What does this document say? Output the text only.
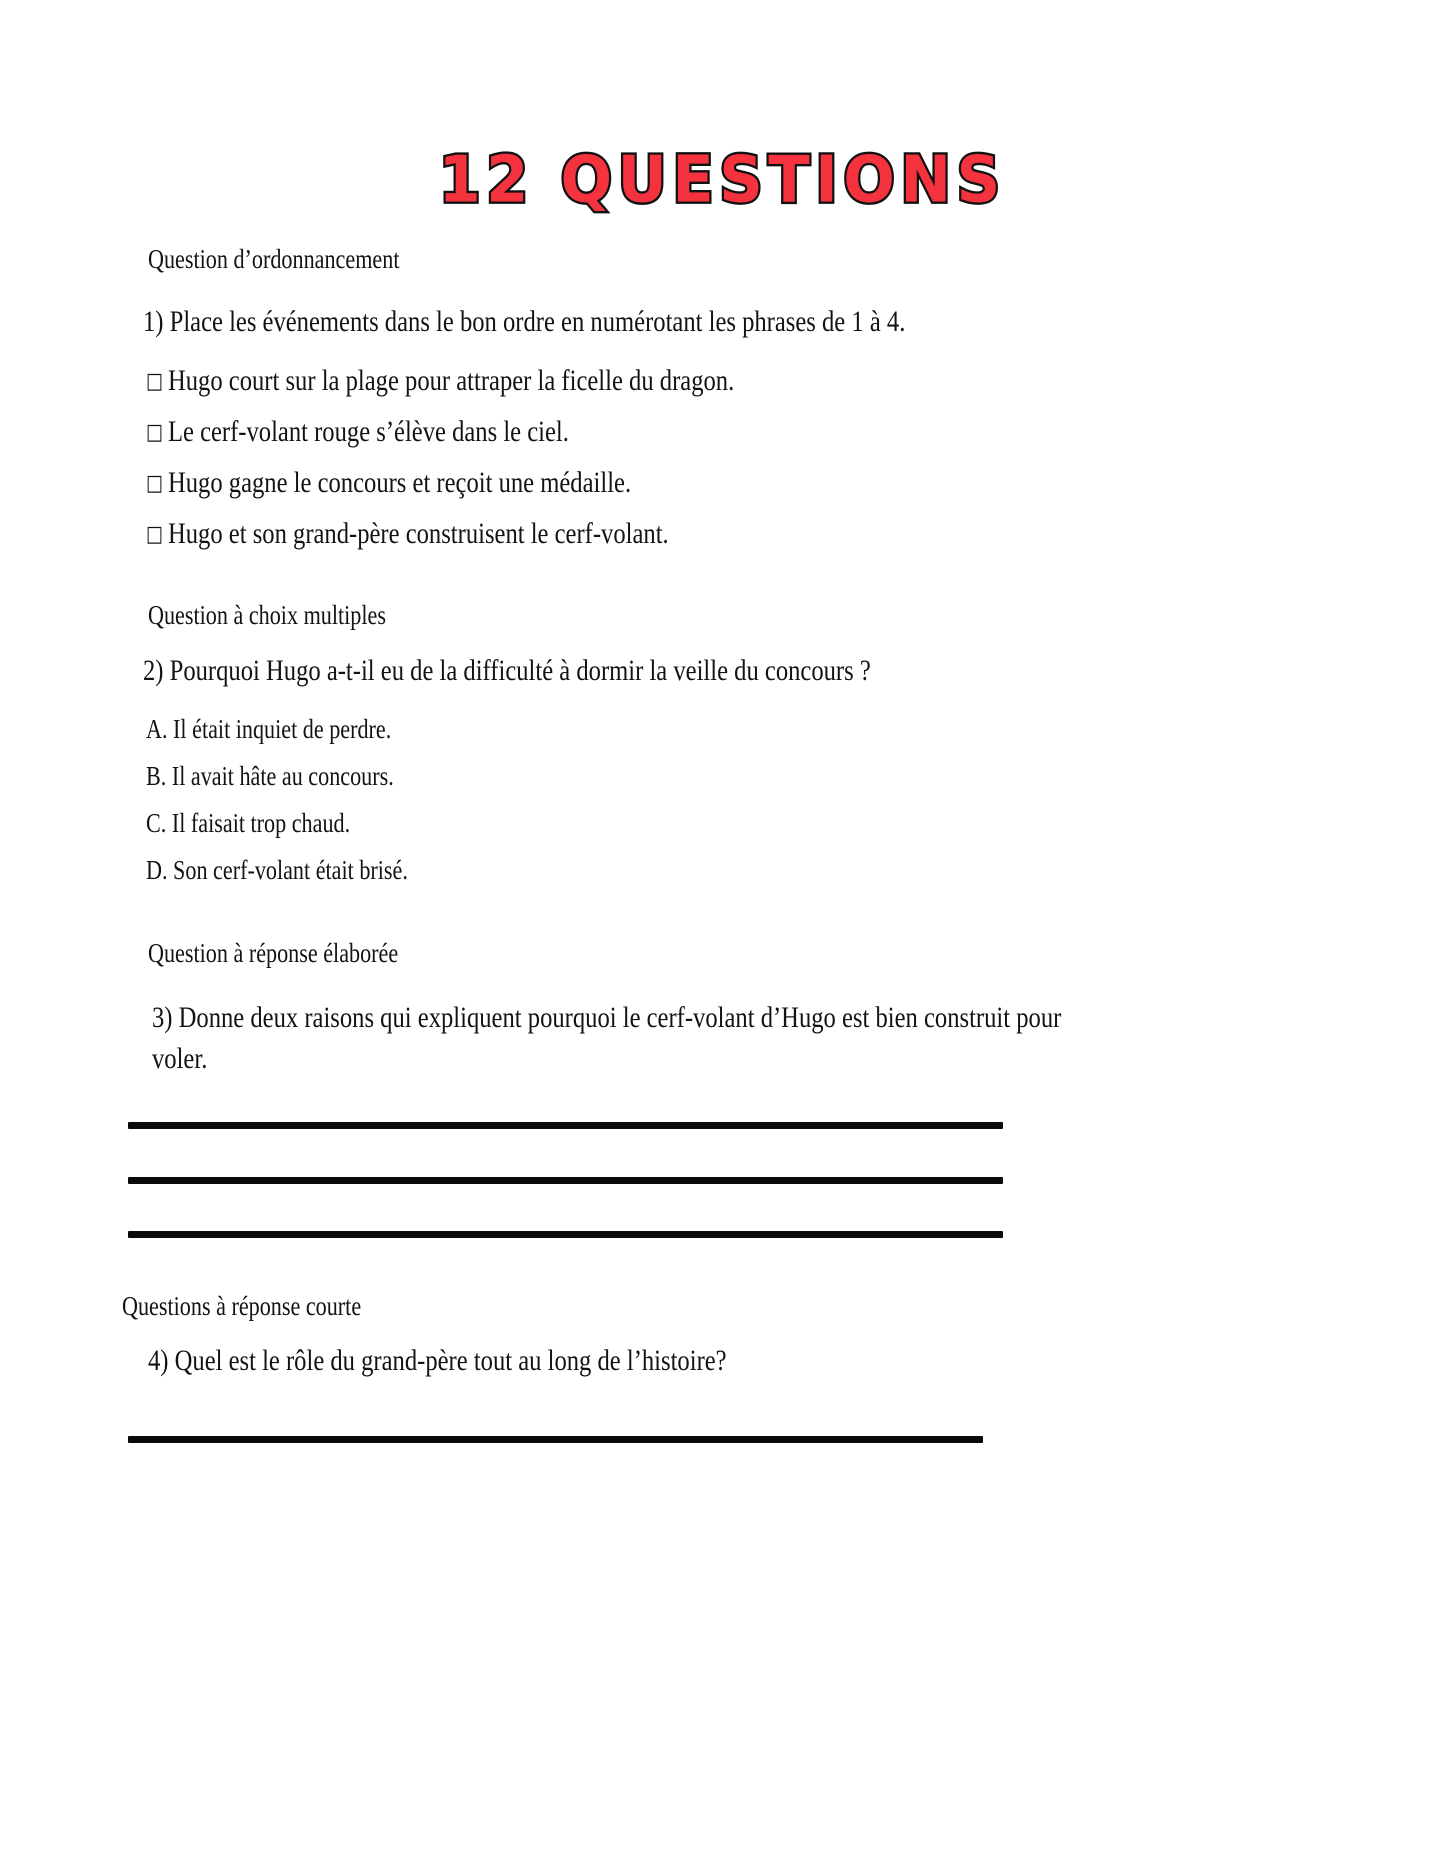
12 QUESTIONS
Question d’ordonnancement
1) Place les événements dans le bon ordre en numérotant les phrases de 1 à 4.
□ Hugo court sur la plage pour attraper la ficelle du dragon.
□ Le cerf-volant rouge s’élève dans le ciel.
□ Hugo gagne le concours et reçoit une médaille.
□ Hugo et son grand-père construisent le cerf-volant.
Question à choix multiples
2) Pourquoi Hugo a-t-il eu de la difficulté à dormir la veille du concours ?
A. Il était inquiet de perdre.
B. Il avait hâte au concours.
C. Il faisait trop chaud.
D. Son cerf-volant était brisé.
Question à réponse élaborée
3) Donne deux raisons qui expliquent pourquoi le cerf-volant d’Hugo est bien construit pour voler.
Questions à réponse courte
4) Quel est le rôle du grand-père tout au long de l’histoire?
